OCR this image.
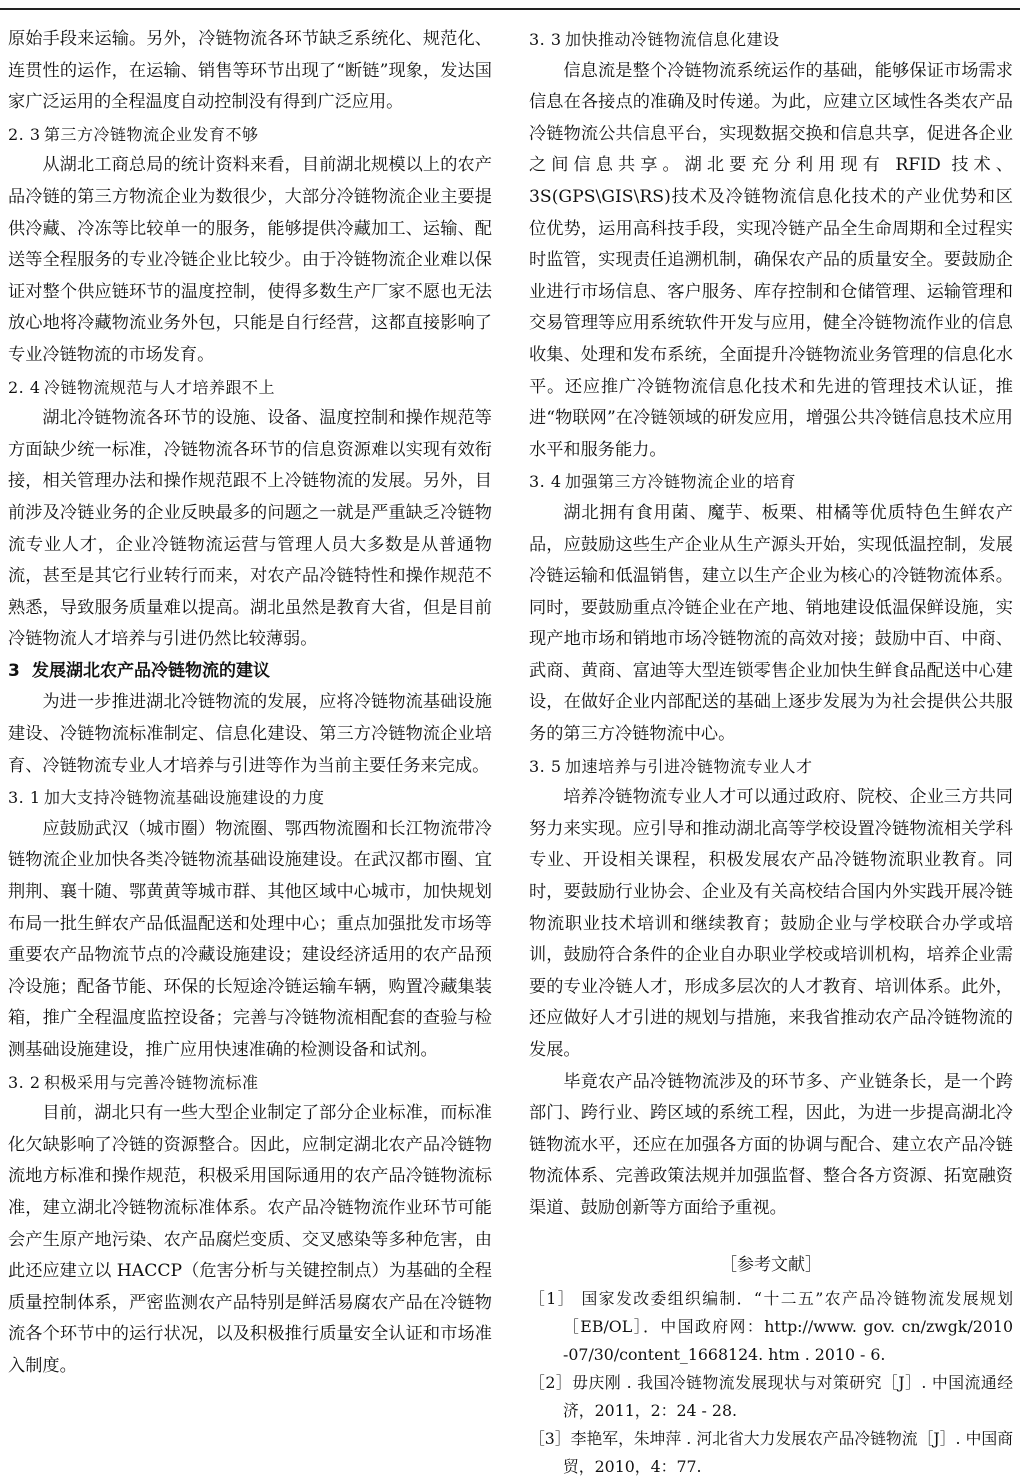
原始手段来运输。另外，冷链物流各环节缺乏系统化、规范化、连贯性的运作，在运输、销售等环节出现了“断链”现象，发达国家广泛运用的全程温度自动控制没有得到广泛应用。

2. 3 第三方冷链物流企业发育不够

从湖北工商总局的统计资料来看，目前湖北规模以上的农产品冷链的第三方物流企业为数很少，大部分冷链物流企业主要提供冷藏、冷冻等比较单一的服务，能够提供冷藏加工、运输、配送等全程服务的专业冷链企业比较少。由于冷链物流企业难以保证对整个供应链环节的温度控制，使得多数生产厂家不愿也无法放心地将冷藏物流业务外包，只能是自行经营，这都直接影响了专业冷链物流的市场发育。

2. 4 冷链物流规范与人才培养跟不上

湖北冷链物流各环节的设施、设备、温度控制和操作规范等方面缺少统一标准，冷链物流各环节的信息资源难以实现有效衔接，相关管理办法和操作规范跟不上冷链物流的发展。另外，目前涉及冷链业务的企业反映最多的问题之一就是严重缺乏冷链物流专业人才，企业冷链物流运营与管理人员大多数是从普通物流，甚至是其它行业转行而来，对农产品冷链特性和操作规范不熟悉，导致服务质量难以提高。湖北虽然是教育大省，但是目前冷链物流人才培养与引进仍然比较薄弱。

3 发展湖北农产品冷链物流的建议

为进一步推进湖北冷链物流的发展，应将冷链物流基础设施建设、冷链物流标准制定、信息化建设、第三方冷链物流企业培育、冷链物流专业人才培养与引进等作为当前主要任务来完成。

3. 1 加大支持冷链物流基础设施建设的力度

应鼓励武汉（城市圈）物流圈、鄂西物流圈和长江物流带冷链物流企业加快各类冷链物流基础设施建设。在武汉都市圈、宜荆荆、襄十随、鄂黄黄等城市群、其他区域中心城市，加快规划布局一批生鲜农产品低温配送和处理中心；重点加强批发市场等重要农产品物流节点的冷藏设施建设；建设经济适用的农产品预冷设施；配备节能、环保的长短途冷链运输车辆，购置冷藏集装箱，推广全程温度监控设备；完善与冷链物流相配套的查验与检测基础设施建设，推广应用快速准确的检测设备和试剂。

3. 2 积极采用与完善冷链物流标准

目前，湖北只有一些大型企业制定了部分企业标准，而标准化欠缺影响了冷链的资源整合。因此，应制定湖北农产品冷链物流地方标准和操作规范，积极采用国际通用的农产品冷链物流标准，建立湖北冷链物流标准体系。农产品冷链物流作业环节可能会产生原产地污染、农产品腐烂变质、交叉感染等多种危害，由此还应建立以 HACCP（危害分析与关键控制点）为基础的全程质量控制体系，严密监测农产品特别是鲜活易腐农产品在冷链物流各个环节中的运行状况，以及积极推行质量安全认证和市场准入制度。

3. 3 加快推动冷链物流信息化建设

信息流是整个冷链物流系统运作的基础，能够保证市场需求信息在各接点的准确及时传递。为此，应建立区域性各类农产品冷链物流公共信息平台，实现数据交换和信息共享，促进各企业之间信息共享。湖北要充分利用现有 RFID 技术、3S(GPS\GIS\RS)技术及冷链物流信息化技术的产业优势和区位优势，运用高科技手段，实现冷链产品全生命周期和全过程实时监管，实现责任追溯机制，确保农产品的质量安全。要鼓励企业进行市场信息、客户服务、库存控制和仓储管理、运输管理和交易管理等应用系统软件开发与应用，健全冷链物流作业的信息收集、处理和发布系统，全面提升冷链物流业务管理的信息化水平。还应推广冷链物流信息化技术和先进的管理技术认证，推进“物联网”在冷链领域的研发应用，增强公共冷链信息技术应用水平和服务能力。

3. 4 加强第三方冷链物流企业的培育

湖北拥有食用菌、魔芋、板栗、柑橘等优质特色生鲜农产品，应鼓励这些生产企业从生产源头开始，实现低温控制，发展冷链运输和低温销售，建立以生产企业为核心的冷链物流体系。同时，要鼓励重点冷链企业在产地、销地建设低温保鲜设施，实现产地市场和销地市场冷链物流的高效对接；鼓励中百、中商、武商、黄商、富迪等大型连锁零售企业加快生鲜食品配送中心建设，在做好企业内部配送的基础上逐步发展为为社会提供公共服务的第三方冷链物流中心。

3. 5 加速培养与引进冷链物流专业人才

培养冷链物流专业人才可以通过政府、院校、企业三方共同努力来实现。应引导和推动湖北高等学校设置冷链物流相关学科专业、开设相关课程，积极发展农产品冷链物流职业教育。同时，要鼓励行业协会、企业及有关高校结合国内外实践开展冷链物流职业技术培训和继续教育；鼓励企业与学校联合办学或培训，鼓励符合条件的企业自办职业学校或培训机构，培养企业需要的专业冷链人才，形成多层次的人才教育、培训体系。此外，还应做好人才引进的规划与措施，来我省推动农产品冷链物流的发展。

毕竟农产品冷链物流涉及的环节多、产业链条长，是一个跨部门、跨行业、跨区域的系统工程，因此，为进一步提高湖北冷链物流水平，还应在加强各方面的协调与配合、建立农产品冷链物流体系、完善政策法规并加强监督、整合各方资源、拓宽融资渠道、鼓励创新等方面给予重视。

［参考文献］
［1］ 国家发改委组织编制．“十二五”农产品冷链物流发展规划［EB/OL］．中国政府网：http://www. gov. cn/zwgk/2010 -07/30/content_1668124. htm . 2010 - 6.
［2］毋庆刚 . 我国冷链物流发展现状与对策研究［J］. 中国流通经济，2011，2：24 - 28.
［3］李艳军，朱坤萍 . 河北省大力发展农产品冷链物流［J］. 中国商贸，2010，4：77.
